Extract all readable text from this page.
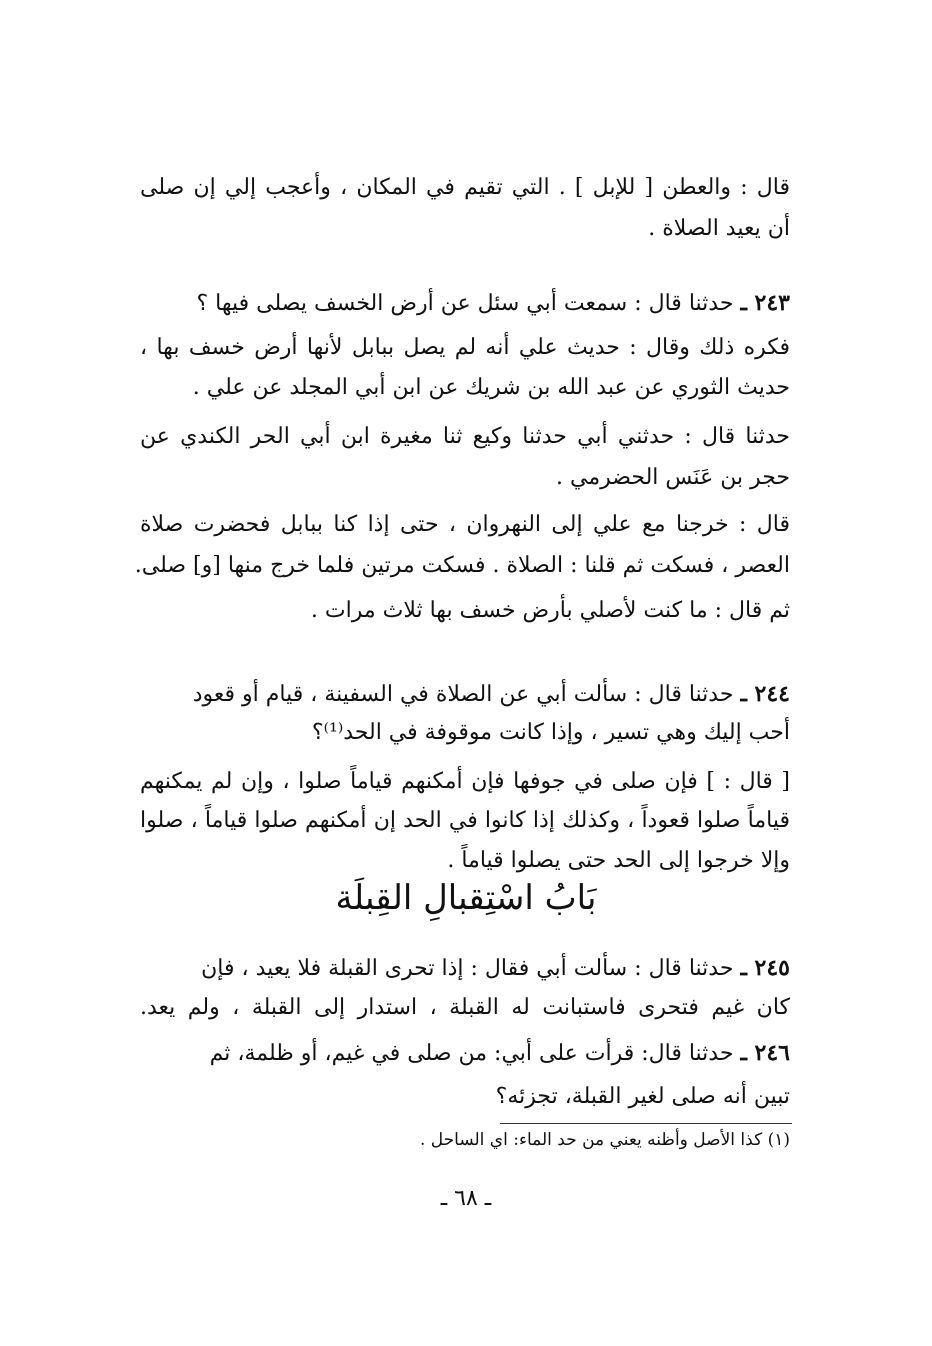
قال : والعطن [ للإبل ] . التي تقيم في المكان ، وأعجب إلي إن صلى
أن يعيد الصلاة .
٢٤٣ ـ حدثنا قال : سمعت أبي سئل عن أرض الخسف يصلى فيها ؟
فكره ذلك وقال : حديث علي أنه لم يصل ببابل لأنها أرض خسف بها ،
حديث الثوري عن عبد الله بن شريك عن ابن أبي المجلد عن علي .
حدثنا قال : حدثني أبي حدثنا وكيع ثنا مغيرة ابن أبي الحر الكندي عن
حجر بن عَنَس الحضرمي .
قال : خرجنا مع علي إلى النهروان ، حتى إذا كنا ببابل فحضرت صلاة
العصر ، فسكت ثم قلنا : الصلاة . فسكت مرتين فلما خرج منها [و] صلى.
ثم قال : ما كنت لأصلي بأرض خسف بها ثلاث مرات .
٢٤٤ ـ حدثنا قال : سألت أبي عن الصلاة في السفينة ، قيام أو قعود
أحب إليك وهي تسير ، وإذا كانت موقوفة في الحد⁽¹⁾؟
[ قال : ] فإن صلى في جوفها فإن أمكنهم قياماً صلوا ، وإن لم يمكنهم
قياماً صلوا قعوداً ، وكذلك إذا كانوا في الحد إن أمكنهم صلوا قياماً ، صلوا
وإلا خرجوا إلى الحد حتى يصلوا قياماً .
بَابُ اسْتِقبالِ القِبلَة
٢٤٥ ـ حدثنا قال : سألت أبي فقال : إذا تحرى القبلة فلا يعيد ، فإن
كان غيم فتحرى فاستبانت له القبلة ، استدار إلى القبلة ، ولم يعد.
٢٤٦ ـ حدثنا قال: قرأت على أبي: من صلى في غيم، أو ظلمة، ثم
تبين أنه صلى لغير القبلة، تجزئه؟
(١) كذا الأصل وأظنه يعني من حد الماء: اي الساحل .
ـ ٦٨ ـ
